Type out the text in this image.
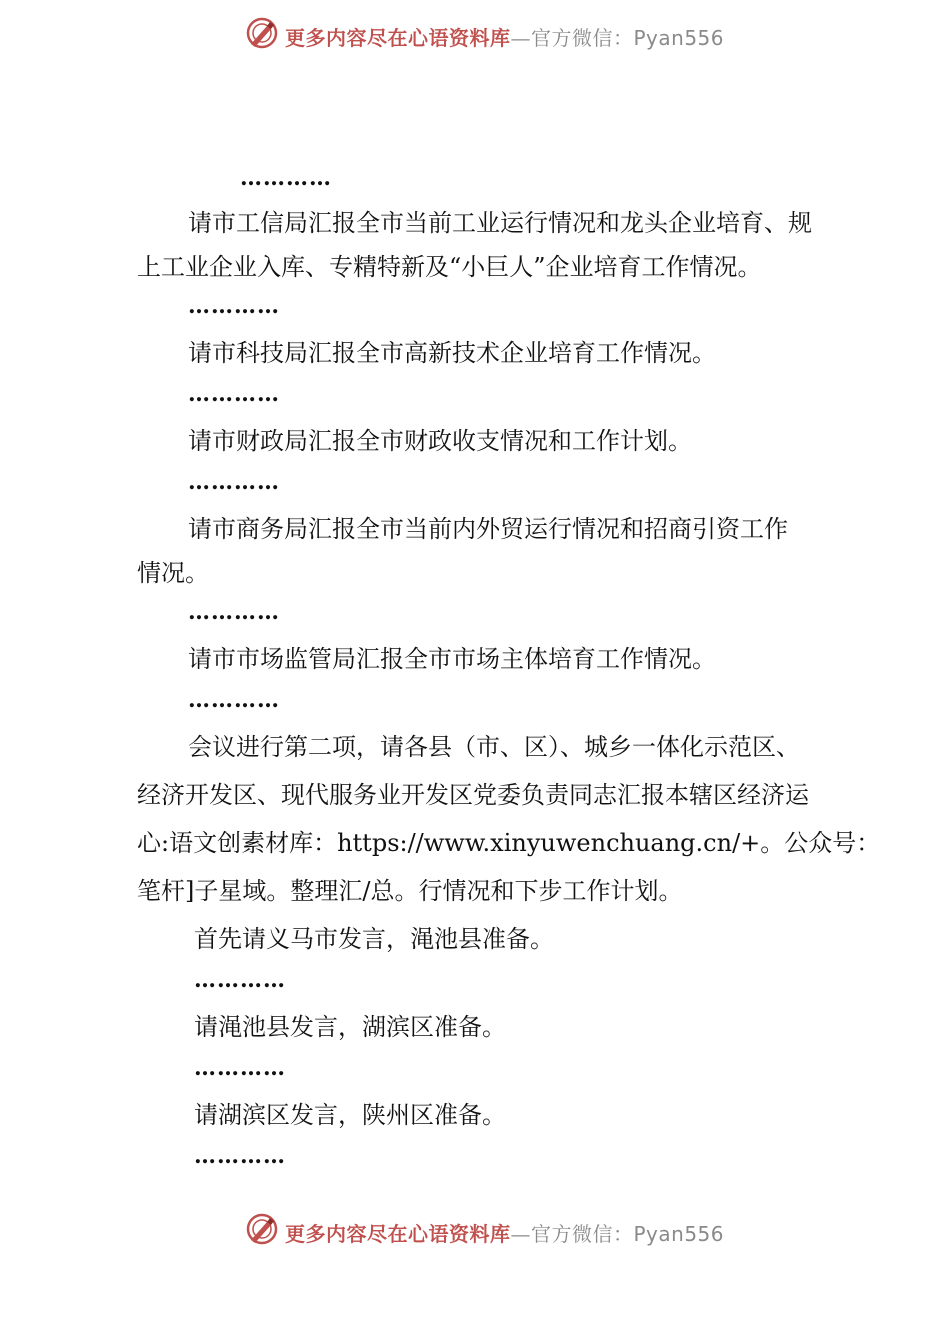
更多内容尽在心语资料库—官方微信：Pyan556
…………
请市工信局汇报全市当前工业运行情况和龙头企业培育、规
上工业企业入库、专精特新及“小巨人”企业培育工作情况。
…………
请市科技局汇报全市高新技术企业培育工作情况。
…………
请市财政局汇报全市财政收支情况和工作计划。
…………
请市商务局汇报全市当前内外贸运行情况和招商引资工作
情况。
…………
请市市场监管局汇报全市市场主体培育工作情况。
…………
会议进行第二项，请各县（市、区）、城乡一体化示范区、
经济开发区、现代服务业开发区党委负责同志汇报本辖区经济运
心:语文创素材库：https://www.xinyuwenchuang.cn/+。公众号：
笔杆]子星域。整理汇/总。行情况和下步工作计划。
首先请义马市发言，渑池县准备。
…………
请渑池县发言，湖滨区准备。
…………
请湖滨区发言，陕州区准备。
…………
更多内容尽在心语资料库—官方微信：Pyan556
